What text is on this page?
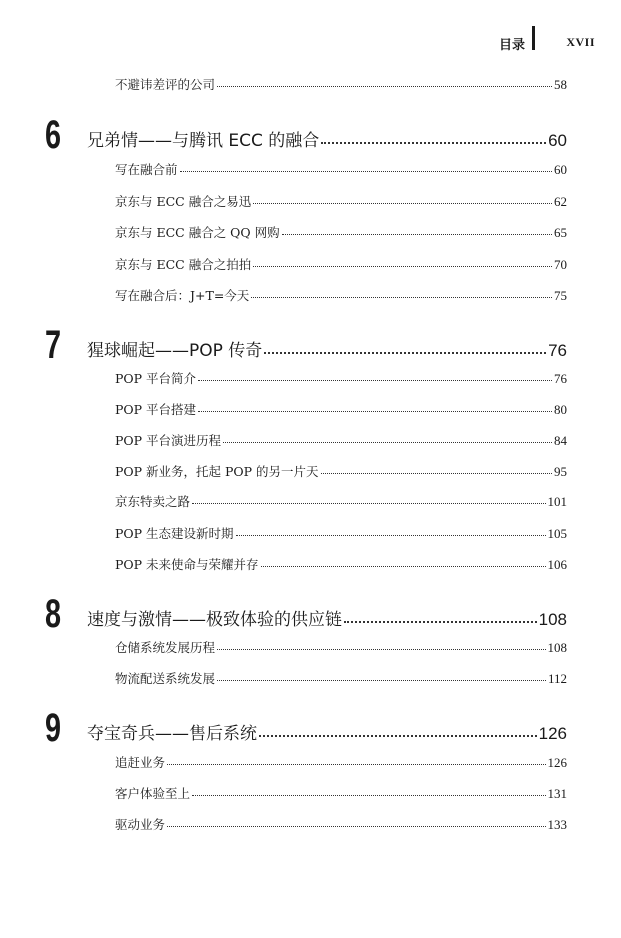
目录	XVII
不避讳差评的公司	58
6 兄弟情——与腾讯 ECC 的融合	60
写在融合前	60
京东与 ECC 融合之易迅	62
京东与 ECC 融合之 QQ 网购	65
京东与 ECC 融合之拍拍	70
写在融合后：J+T=今天	75
7 猩球崛起——POP 传奇	76
POP 平台简介	76
POP 平台搭建	80
POP 平台演进历程	84
POP 新业务，托起 POP 的另一片天	95
京东特卖之路	101
POP 生态建设新时期	105
POP 未来使命与荣耀并存	106
8 速度与激情——极致体验的供应链	108
仓储系统发展历程	108
物流配送系统发展	112
9 夺宝奇兵——售后系统	126
追赶业务	126
客户体验至上	131
驱动业务	133
